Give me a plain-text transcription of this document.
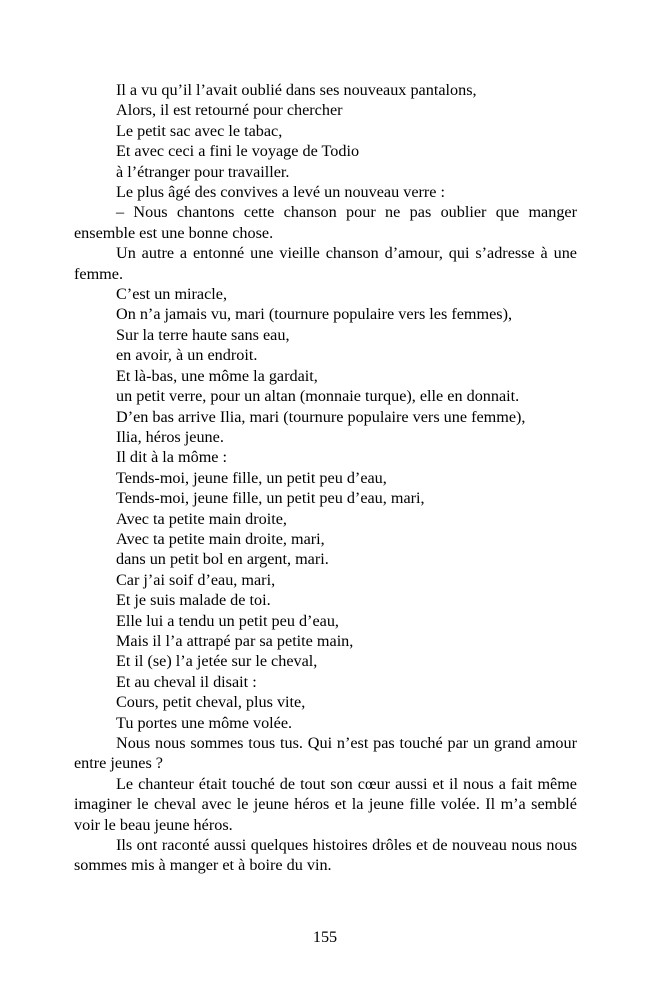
Il a vu qu’il l’avait oublié dans ses nouveaux pantalons,

Alors, il est retourné pour chercher

Le petit sac avec le tabac,

Et avec ceci a fini le voyage de Todio

à l’étranger pour travailler.

Le plus âgé des convives a levé un nouveau verre :

– Nous chantons cette chanson pour ne pas oublier que manger ensemble est une bonne chose.

Un autre a entonné une vieille chanson d’amour, qui s’adresse à une femme.

C’est un miracle,

On n’a jamais vu, mari (tournure populaire vers les femmes),

Sur la terre haute sans eau,

en avoir, à un endroit.

Et là-bas, une môme la gardait,

un petit verre, pour un altan (monnaie turque), elle en donnait.

D’en bas arrive Ilia, mari (tournure populaire vers une femme),

Ilia, héros jeune.

Il dit à la môme :

Tends-moi, jeune fille, un petit peu d’eau,

Tends-moi, jeune fille, un petit peu d’eau, mari,

Avec ta petite main droite,

Avec ta petite main droite, mari,

dans un petit bol en argent, mari.

Car j’ai soif d’eau, mari,

Et je suis malade de toi.

Elle lui a tendu un petit peu d’eau,

Mais il l’a attrapé par sa petite main,

Et il (se) l’a jetée sur le cheval,

Et au cheval il disait :

Cours, petit cheval, plus vite,

Tu portes une môme volée.

Nous nous sommes tous tus. Qui n’est pas touché par un grand amour entre jeunes ?

Le chanteur était touché de tout son cœur aussi et il nous a fait même imaginer le cheval avec le jeune héros et la jeune fille volée. Il m’a semblé voir le beau jeune héros.

Ils ont raconté aussi quelques histoires drôles et de nouveau nous nous sommes mis à manger et à boire du vin.

155
